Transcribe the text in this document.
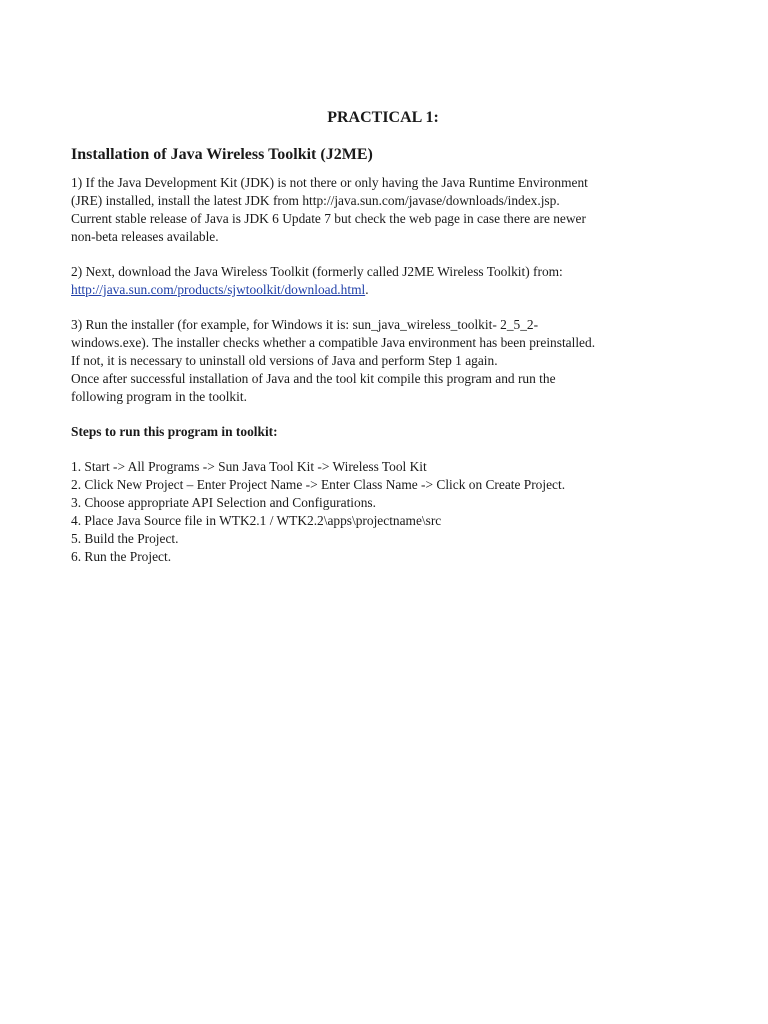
PRACTICAL 1:
Installation of Java Wireless Toolkit (J2ME)

1) If the Java Development Kit (JDK) is not there or only having the Java Runtime Environment

(JRE) installed, install the latest JDK from http://java.sun.com/javase/downloads/index.jsp.

Current stable release of Java is JDK 6 Update 7 but check the web page in case there are newer

non-beta releases available.

2) Next, download the Java Wireless Toolkit (formerly called J2ME Wireless Toolkit) from:

http://java.sun.com/products/sjwtoolkit/download.html.

3) Run the installer (for example, for Windows it is: sun_java_wireless_toolkit- 2_5_2-

windows.exe). The installer checks whether a compatible Java environment has been preinstalled.

If not, it is necessary to uninstall old versions of Java and perform Step 1 again.

Once after successful installation of Java and the tool kit compile this program and run the

following program in the toolkit.

Steps to run this program in toolkit:

1. Start -> All Programs -> Sun Java Tool Kit -> Wireless Tool Kit

2. Click New Project – Enter Project Name -> Enter Class Name -> Click on Create Project.

3. Choose appropriate API Selection and Configurations.

4. Place Java Source file in WTK2.1 / WTK2.2\apps\projectname\src

5. Build the Project.

6. Run the Project.
